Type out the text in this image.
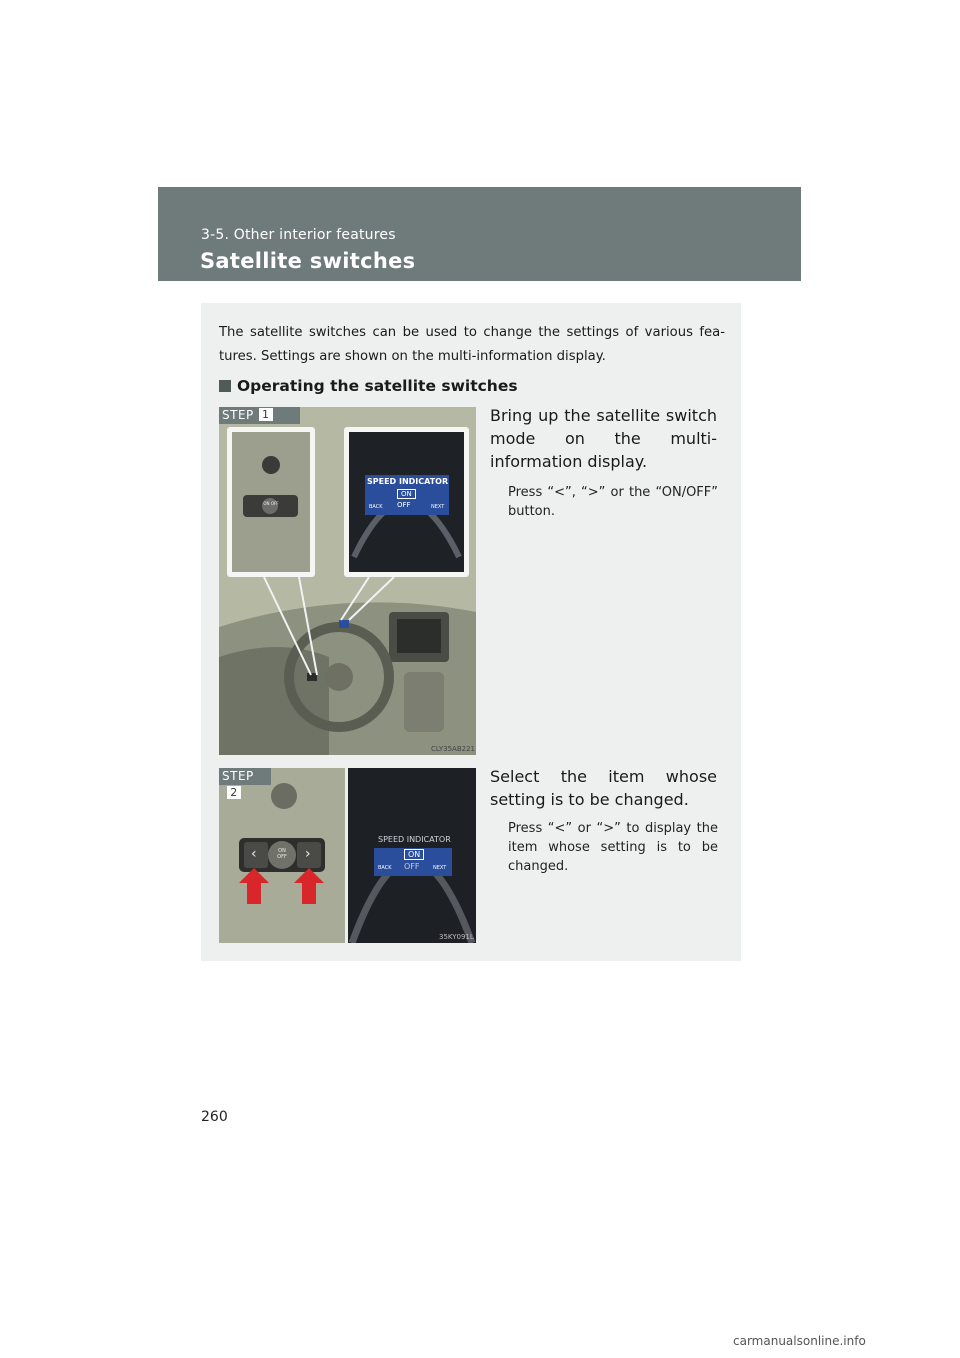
3-5. Other interior features
Satellite switches

The satellite switches can be used to change the settings of various fea-tures. Settings are shown on the multi-information display.

Operating the satellite switches
STEP 1
ON OFF
SPEED INDICATOR
ON
OFF
BACK	NEXT
CLY35AB221
Bring up the satellite switch mode on the multi-information display.
Press “<”, “>” or the “ON/OFF” button.
STEP2
‹	›
ON OFF
SPEED INDICATOR
ON
OFF
BACK	NEXT
35KY091L
Select the item whose setting is to be changed.
Press “<” or “>” to display the item whose setting is to be changed.
260
carmanualsonline.info
